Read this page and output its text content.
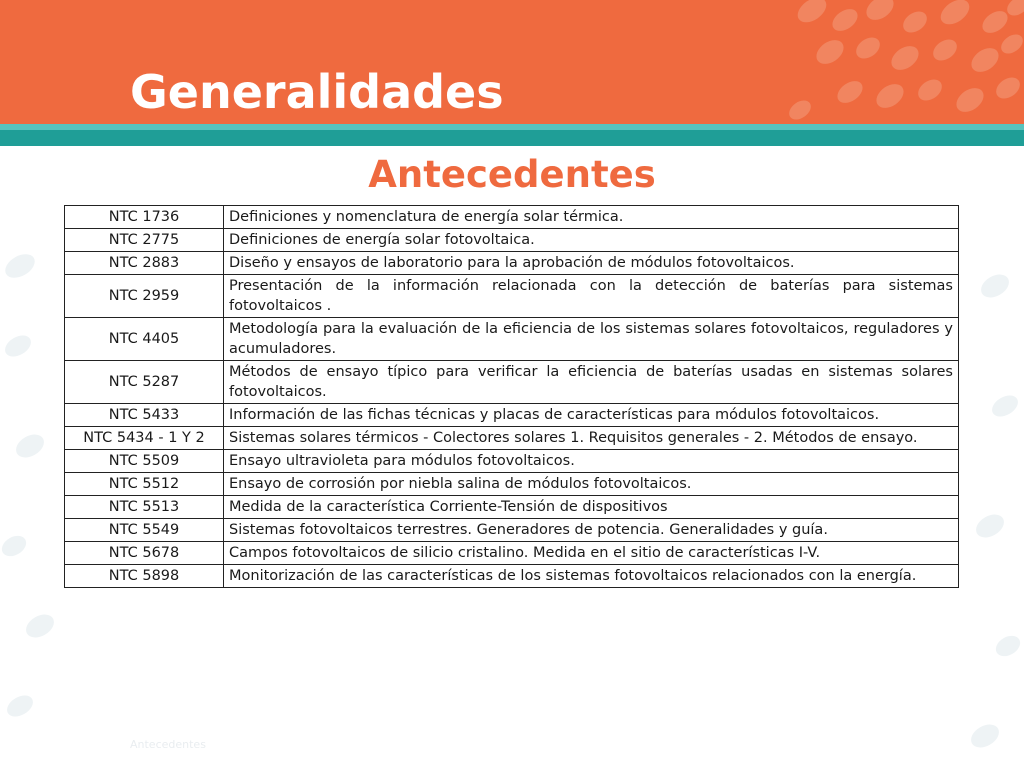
Generalidades
Antecedentes
NTC 1736	Definiciones y nomenclatura de energía solar térmica.
NTC 2775	Definiciones de energía solar fotovoltaica.
NTC 2883	Diseño y ensayos de laboratorio para la aprobación de módulos fotovoltaicos.
NTC 2959	Presentación de la información relacionada con la detección de baterías para sistemas fotovoltaicos .
NTC 4405	Metodología para la evaluación de la eficiencia de los sistemas solares fotovoltaicos, reguladores y acumuladores.
NTC 5287	Métodos de ensayo típico para verificar la eficiencia de baterías usadas en sistemas solares fotovoltaicos.
NTC 5433	Información de las fichas técnicas y placas de características para módulos fotovoltaicos.
NTC 5434 - 1 Y 2	Sistemas solares térmicos - Colectores solares 1. Requisitos generales - 2. Métodos de ensayo.
NTC 5509	Ensayo ultravioleta para módulos fotovoltaicos.
NTC 5512	Ensayo de corrosión por niebla salina de módulos fotovoltaicos.
NTC 5513	Medida de la característica Corriente-Tensión de dispositivos
NTC 5549	Sistemas fotovoltaicos terrestres. Generadores de potencia. Generalidades y guía.
NTC 5678	Campos fotovoltaicos de silicio cristalino. Medida en el sitio de características I-V.
NTC 5898	Monitorización de las características de los sistemas fotovoltaicos relacionados con la energía.
Antecedentes
